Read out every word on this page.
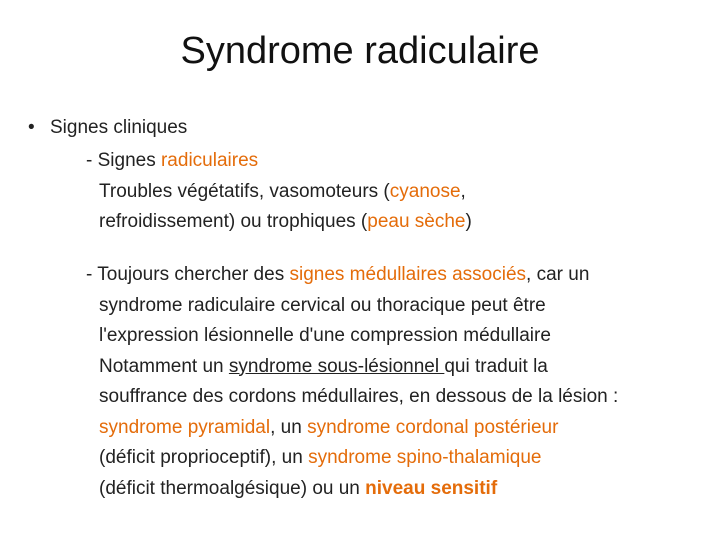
Syndrome radiculaire
• Signes cliniques
- Signes radiculaires
Troubles végétatifs, vasomoteurs (cyanose,
refroidissement) ou trophiques (peau sèche)
- Toujours chercher des signes médullaires associés, car un
syndrome radiculaire cervical ou thoracique peut être
l'expression lésionnelle d'une compression médullaire
Notamment un syndrome sous-lésionnel qui traduit la
souffrance des cordons médullaires, en dessous de la lésion :
syndrome pyramidal, un syndrome cordonal postérieur
(déficit proprioceptif), un syndrome spino-thalamique
(déficit thermoalgésique) ou un niveau sensitif
